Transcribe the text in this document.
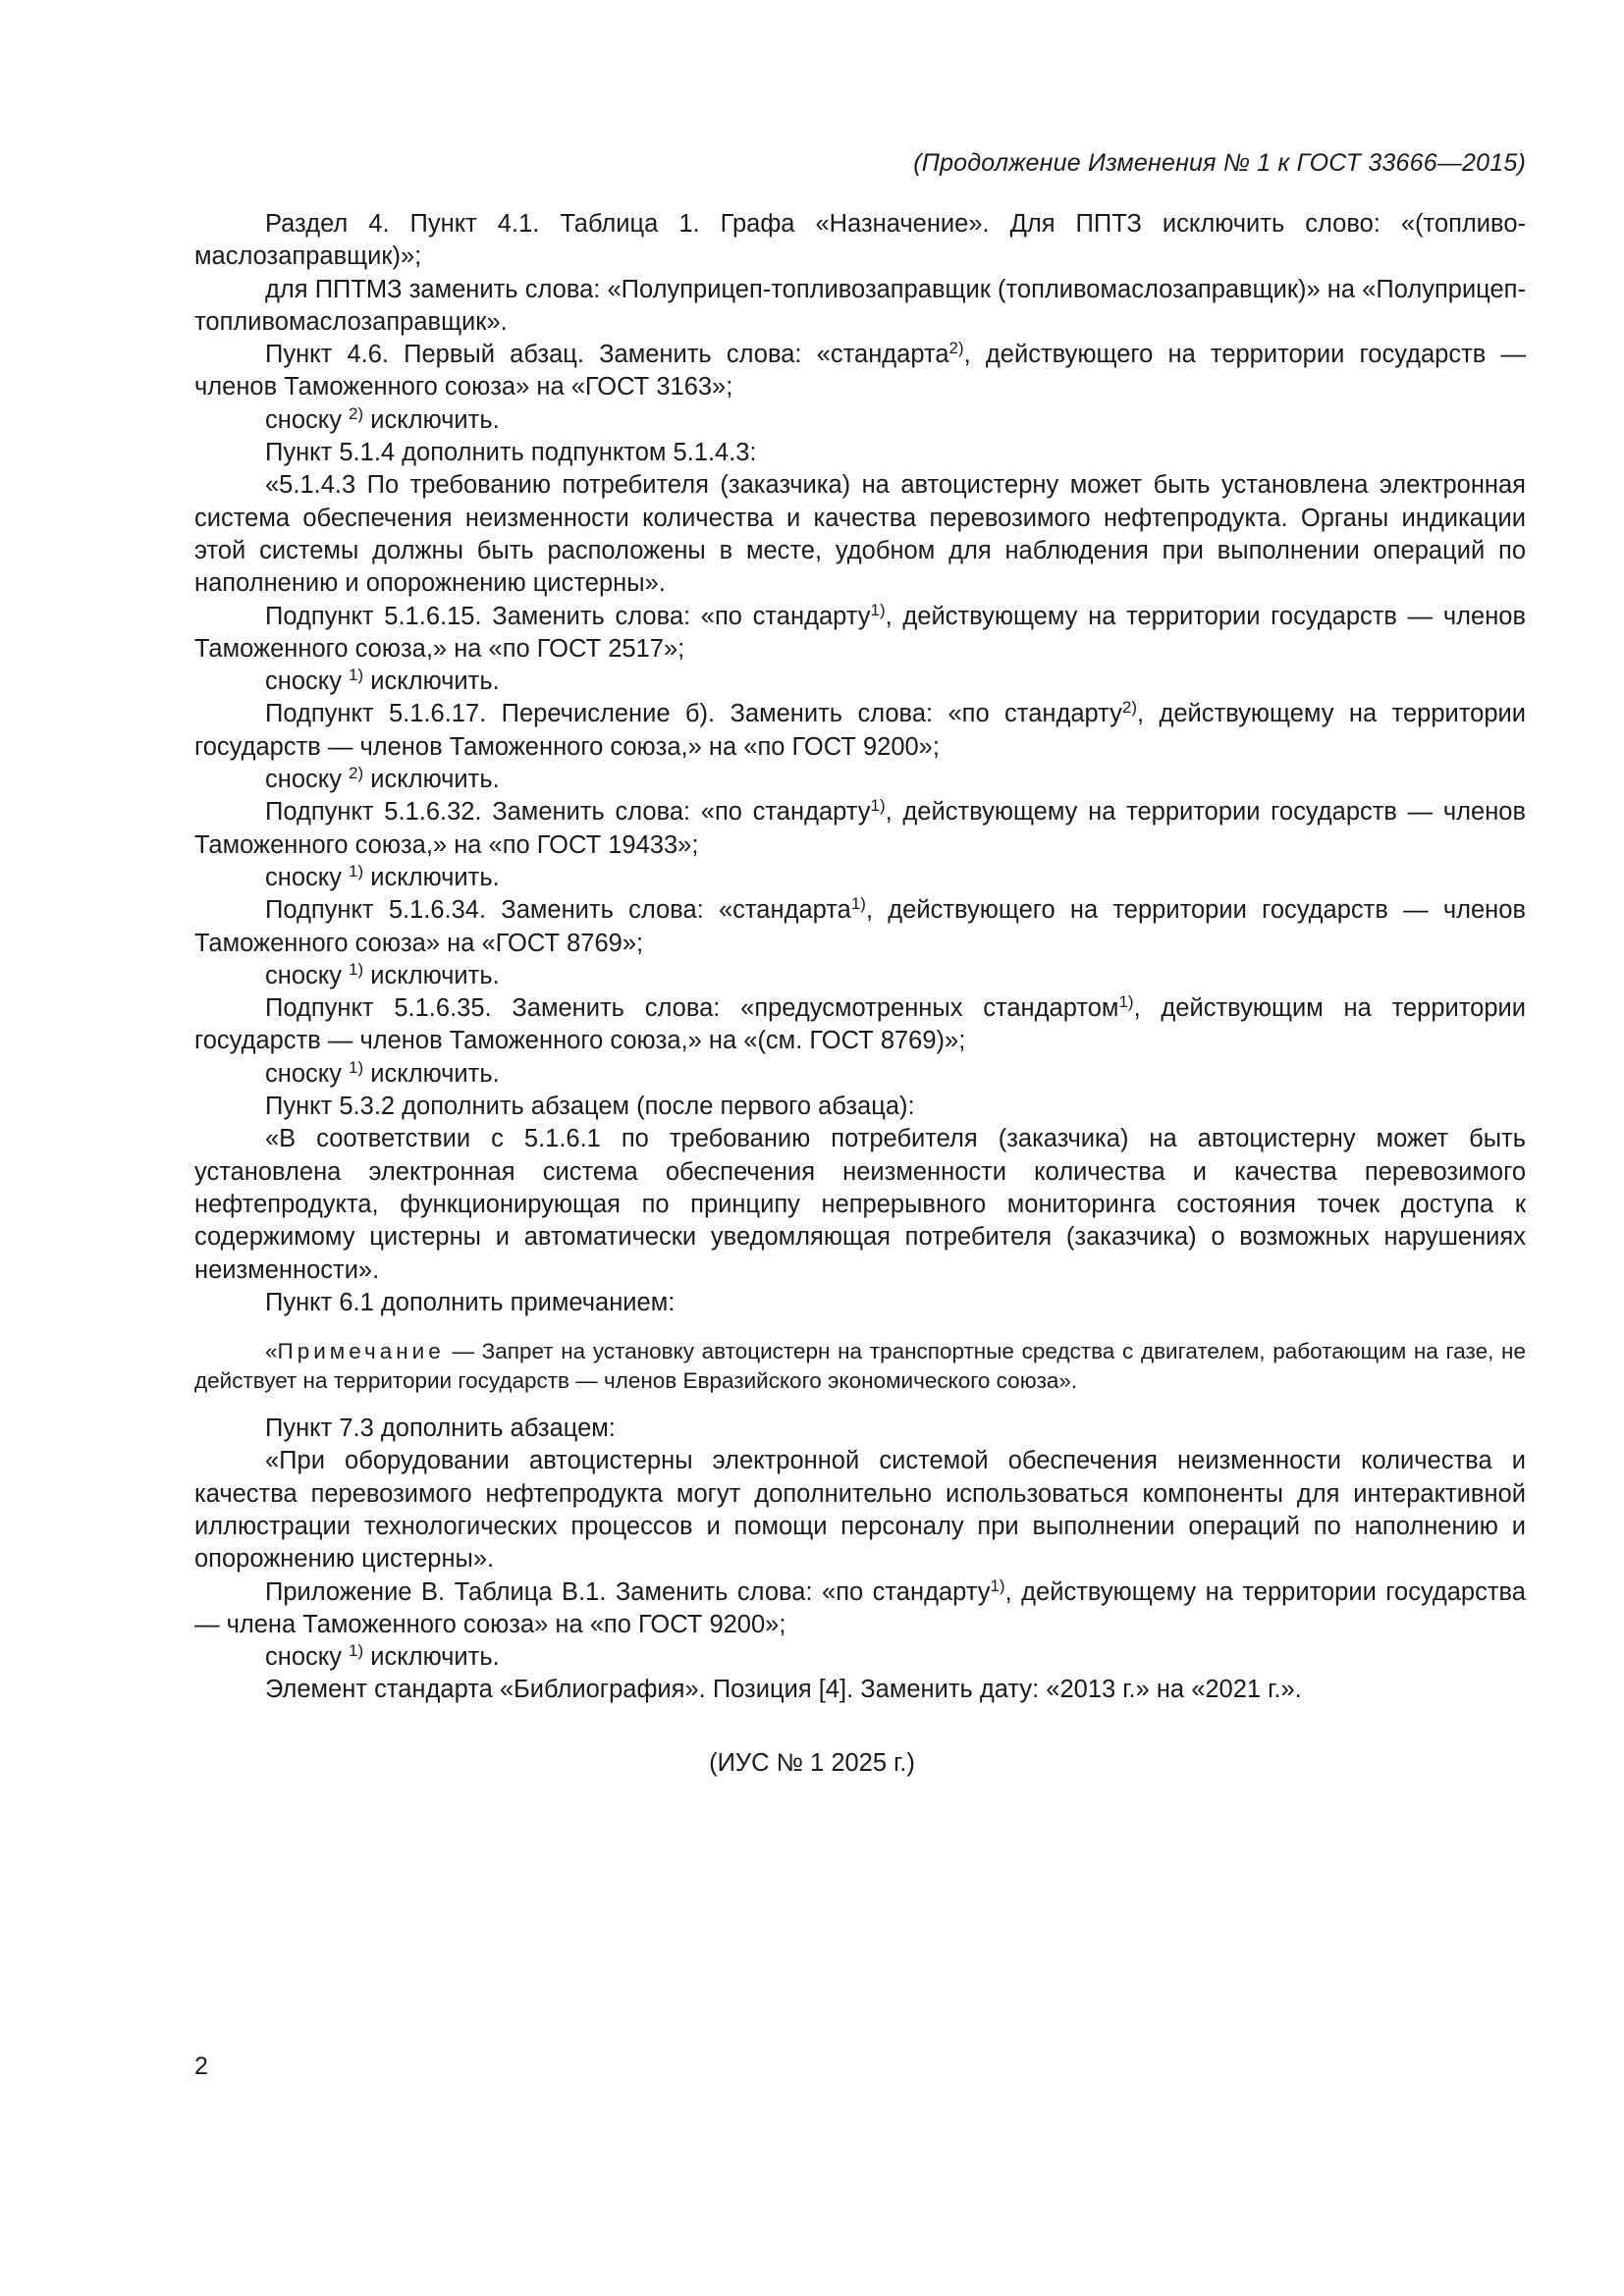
(Продолжение Изменения № 1 к ГОСТ 33666—2015)

Раздел 4. Пункт 4.1. Таблица 1. Графа «Назначение». Для ППТЗ исключить слово: «(топливо-маслозаправщик)»;

для ППТМЗ заменить слова: «Полуприцеп-топливозаправщик (топливомаслозаправщик)» на «Полуприцеп-топливомаслозаправщик».

Пункт 4.6. Первый абзац. Заменить слова: «стандарта$^{2)}$, действующего на территории государств — членов Таможенного союза» на «ГОСТ 3163»;

сноску $^{2)}$ исключить.

Пункт 5.1.4 дополнить подпунктом 5.1.4.3:

«5.1.4.3 По требованию потребителя (заказчика) на автоцистерну может быть установлена электронная система обеспечения неизменности количества и качества перевозимого нефтепродукта. Органы индикации этой системы должны быть расположены в месте, удобном для наблюдения при выполнении операций по наполнению и опорожнению цистерны».

Подпункт 5.1.6.15. Заменить слова: «по стандарту$^{1)}$, действующему на территории государств — членов Таможенного союза,» на «по ГОСТ 2517»;

сноску $^{1)}$ исключить.

Подпункт 5.1.6.17. Перечисление б). Заменить слова: «по стандарту$^{2)}$, действующему на территории государств — членов Таможенного союза,» на «по ГОСТ 9200»;

сноску $^{2)}$ исключить.

Подпункт 5.1.6.32. Заменить слова: «по стандарту$^{1)}$, действующему на территории государств — членов Таможенного союза,» на «по ГОСТ 19433»;

сноску $^{1)}$ исключить.

Подпункт 5.1.6.34. Заменить слова: «стандарта$^{1)}$, действующего на территории государств — членов Таможенного союза» на «ГОСТ 8769»;

сноску $^{1)}$ исключить.

Подпункт 5.1.6.35. Заменить слова: «предусмотренных стандартом$^{1)}$, действующим на территории государств — членов Таможенного союза,» на «(см. ГОСТ 8769)»;

сноску $^{1)}$ исключить.

Пункт 5.3.2 дополнить абзацем (после первого абзаца):

«В соответствии с 5.1.6.1 по требованию потребителя (заказчика) на автоцистерну может быть установлена электронная система обеспечения неизменности количества и качества перевозимого нефтепродукта, функционирующая по принципу непрерывного мониторинга состояния точек доступа к содержимому цистерны и автоматически уведомляющая потребителя (заказчика) о возможных нарушениях неизменности».

Пункт 6.1 дополнить примечанием:

«Примечание — Запрет на установку автоцистерн на транспортные средства с двигателем, работающим на газе, не действует на территории государств — членов Евразийского экономического союза».

Пункт 7.3 дополнить абзацем:

«При оборудовании автоцистерны электронной системой обеспечения неизменности количества и качества перевозимого нефтепродукта могут дополнительно использоваться компоненты для интерактивной иллюстрации технологических процессов и помощи персоналу при выполнении операций по наполнению и опорожнению цистерны».

Приложение В. Таблица В.1. Заменить слова: «по стандарту$^{1)}$, действующему на территории государства — члена Таможенного союза» на «по ГОСТ 9200»;

сноску $^{1)}$ исключить.

Элемент стандарта «Библиография». Позиция [4]. Заменить дату: «2013 г.» на «2021 г.».

(ИУС № 1 2025 г.)
2
